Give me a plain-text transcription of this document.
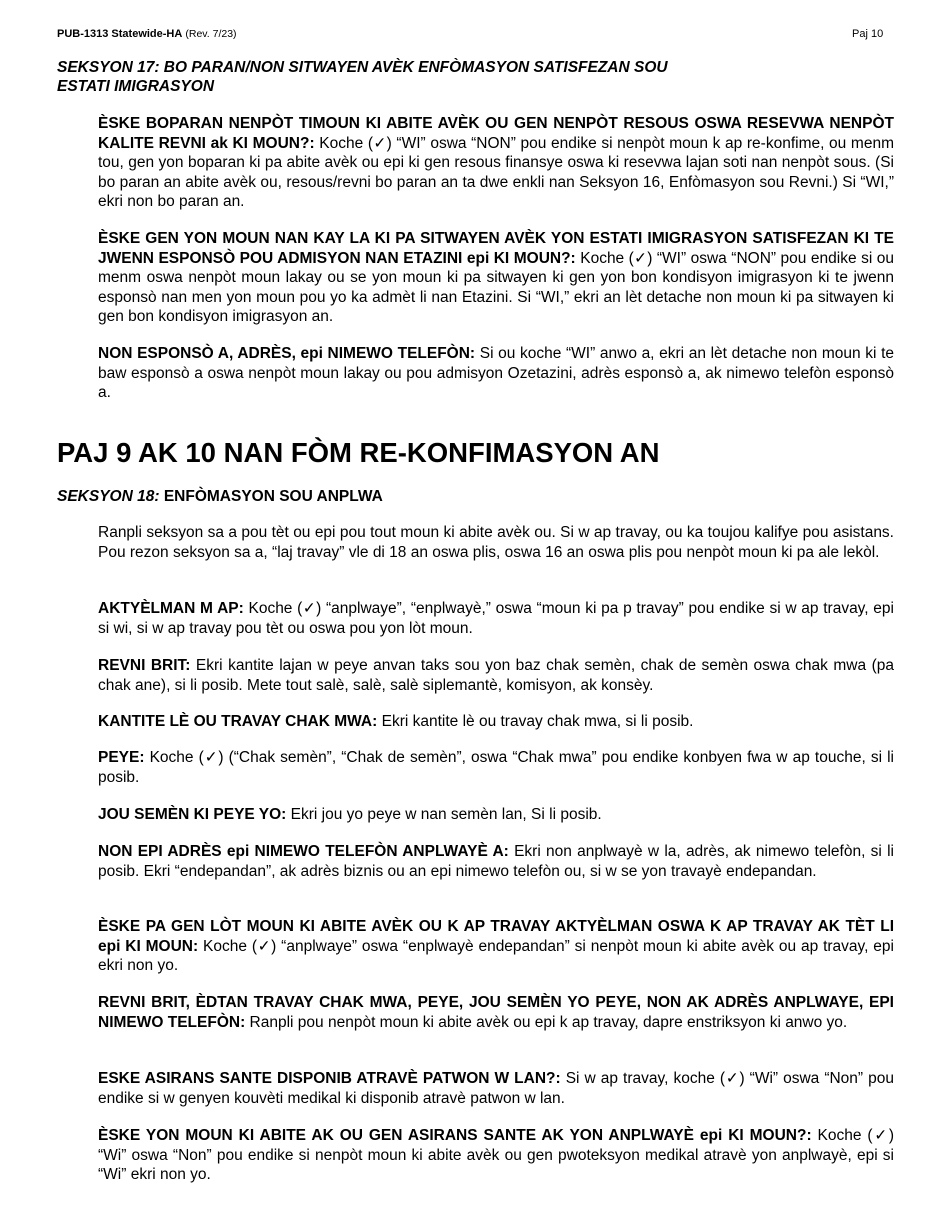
PUB-1313 Statewide-HA (Rev. 7/23)	Paj 10
SEKSYON 17: BO PARAN/NON SITWAYEN AVÈK ENFÒMASYON SATISFEZAN SOU
ESTATI IMIGRASYON

ÈSKE BOPARAN NENPÒT TIMOUN KI ABITE AVÈK OU GEN NENPÒT RESOUS OSWA RESEVWA NENPÒT KALITE REVNI ak KI MOUN?: Koche (✓) “WI” oswa “NON” pou endike si nenpòt moun k ap re-konfime, ou menm tou, gen yon boparan ki pa abite avèk ou epi ki gen resous finansye oswa ki resevwa lajan soti nan nenpòt sous. (Si bo paran an abite avèk ou, resous/revni bo paran an ta dwe enkli nan Seksyon 16, Enfòmasyon sou Revni.) Si “WI,” ekri non bo paran an.

ÈSKE GEN YON MOUN NAN KAY LA KI PA SITWAYEN AVÈK YON ESTATI IMIGRASYON SATISFEZAN KI TE JWENN ESPONSÒ POU ADMISYON NAN ETAZINI epi KI MOUN?: Koche (✓) “WI” oswa “NON” pou endike si ou menm oswa nenpòt moun lakay ou se yon moun ki pa sitwayen ki gen yon bon kondisyon imigrasyon ki te jwenn esponsò nan men yon moun pou yo ka admèt li nan Etazini. Si “WI,” ekri an lèt detache non moun ki pa sitwayen ki gen bon kondisyon imigrasyon an.

NON ESPONSÒ A, ADRÈS, epi NIMEWO TELEFÒN: Si ou koche “WI” anwo a, ekri an lèt detache non moun ki te baw esponsò a oswa nenpòt moun lakay ou pou admisyon Ozetazini, adrès esponsò a, ak nimewo telefòn esponsò a.

PAJ 9 AK 10 NAN FÒM RE-KONFIMASYON AN
SEKSYON 18: ENFÒMASYON SOU ANPLWA

Ranpli seksyon sa a pou tèt ou epi pou tout moun ki abite avèk ou. Si w ap travay, ou ka toujou kalifye pou asistans. Pou rezon seksyon sa a, “laj travay” vle di 18 an oswa plis, oswa 16 an oswa plis pou nenpòt moun ki pa ale lekòl.

AKTYÈLMAN M AP: Koche (✓) “anplwaye”, “enplwayè,” oswa “moun ki pa p travay” pou endike si w ap travay, epi si wi, si w ap travay pou tèt ou oswa pou yon lòt moun.

REVNI BRIT: Ekri kantite lajan w peye anvan taks sou yon baz chak semèn, chak de semèn oswa chak mwa (pa chak ane), si li posib. Mete tout salè, salè, salè siplemantè, komisyon, ak konsèy.

KANTITE LÈ OU TRAVAY CHAK MWA: Ekri kantite lè ou travay chak mwa, si li posib.

PEYE: Koche (✓) (“Chak semèn”, “Chak de semèn”, oswa “Chak mwa” pou endike konbyen fwa w ap touche, si li posib.

JOU SEMÈN KI PEYE YO: Ekri jou yo peye w nan semèn lan, Si li posib.

NON EPI ADRÈS epi NIMEWO TELEFÒN ANPLWAYÈ A: Ekri non anplwayè w la, adrès, ak nimewo telefòn, si li posib. Ekri “endepandan”, ak adrès biznis ou an epi nimewo telefòn ou, si w se yon travayè endepandan.

ÈSKE PA GEN LÒT MOUN KI ABITE AVÈK OU K AP TRAVAY AKTYÈLMAN OSWA K AP TRAVAY AK TÈT LI epi KI MOUN: Koche (✓) “anplwaye” oswa “enplwayè endepandan” si nenpòt moun ki abite avèk ou ap travay, epi ekri non yo.

REVNI BRIT, ÈDTAN TRAVAY CHAK MWA, PEYE, JOU SEMÈN YO PEYE, NON AK ADRÈS ANPLWAYE, EPI NIMEWO TELEFÒN: Ranpli pou nenpòt moun ki abite avèk ou epi k ap travay, dapre enstriksyon ki anwo yo.

ESKE ASIRANS SANTE DISPONIB ATRAVÈ PATWON W LAN?: Si w ap travay, koche (✓) “Wi” oswa “Non” pou endike si w genyen kouvèti medikal ki disponib atravè patwon w lan.

ÈSKE YON MOUN KI ABITE AK OU GEN ASIRANS SANTE AK YON ANPLWAYÈ epi KI MOUN?: Koche (✓) “Wi” oswa “Non” pou endike si nenpòt moun ki abite avèk ou gen pwoteksyon medikal atravè yon anplwayè, epi si “Wi” ekri non yo.
